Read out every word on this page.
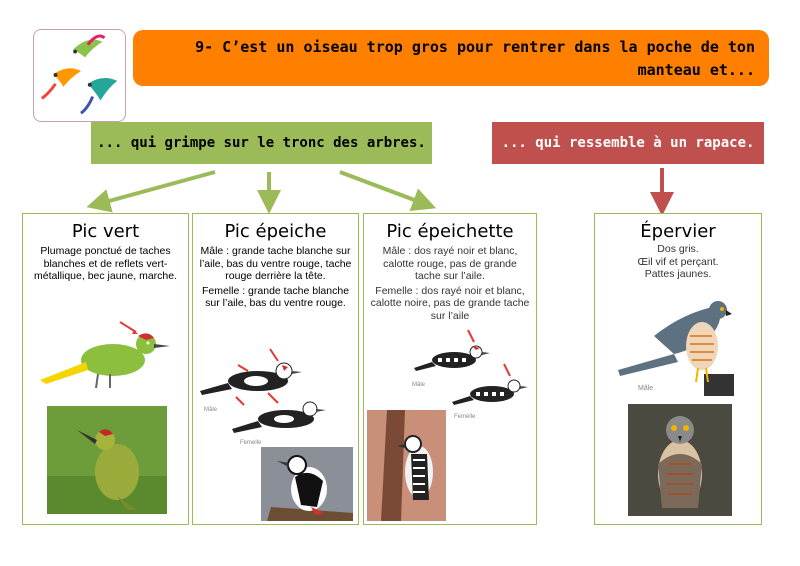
9- C’est un oiseau trop gros pour rentrer dans la poche de ton manteau et...
... qui grimpe sur le tronc des arbres.	... qui ressemble à un rapace.
Pic vert
Plumage ponctué de taches blanches et de reflets vert-métallique, bec jaune, marche.
Pic épeiche
Mâle : grande tache blanche sur l’aile, bas du ventre rouge, tache rouge derrière la tête.
Femelle : grande tache blanche sur l’aile, bas du ventre rouge.
Mâle
Femelle
Pic épeichette
Mâle : dos rayé noir et blanc, calotte rouge, pas de grande tache sur l’aile.
Femelle : dos rayé noir et blanc, calotte noire, pas de grande tache sur l’aile
Mâle
Femelle
Épervier
Dos gris.
Œil vif et perçant.
Pattes jaunes.
Mâle
